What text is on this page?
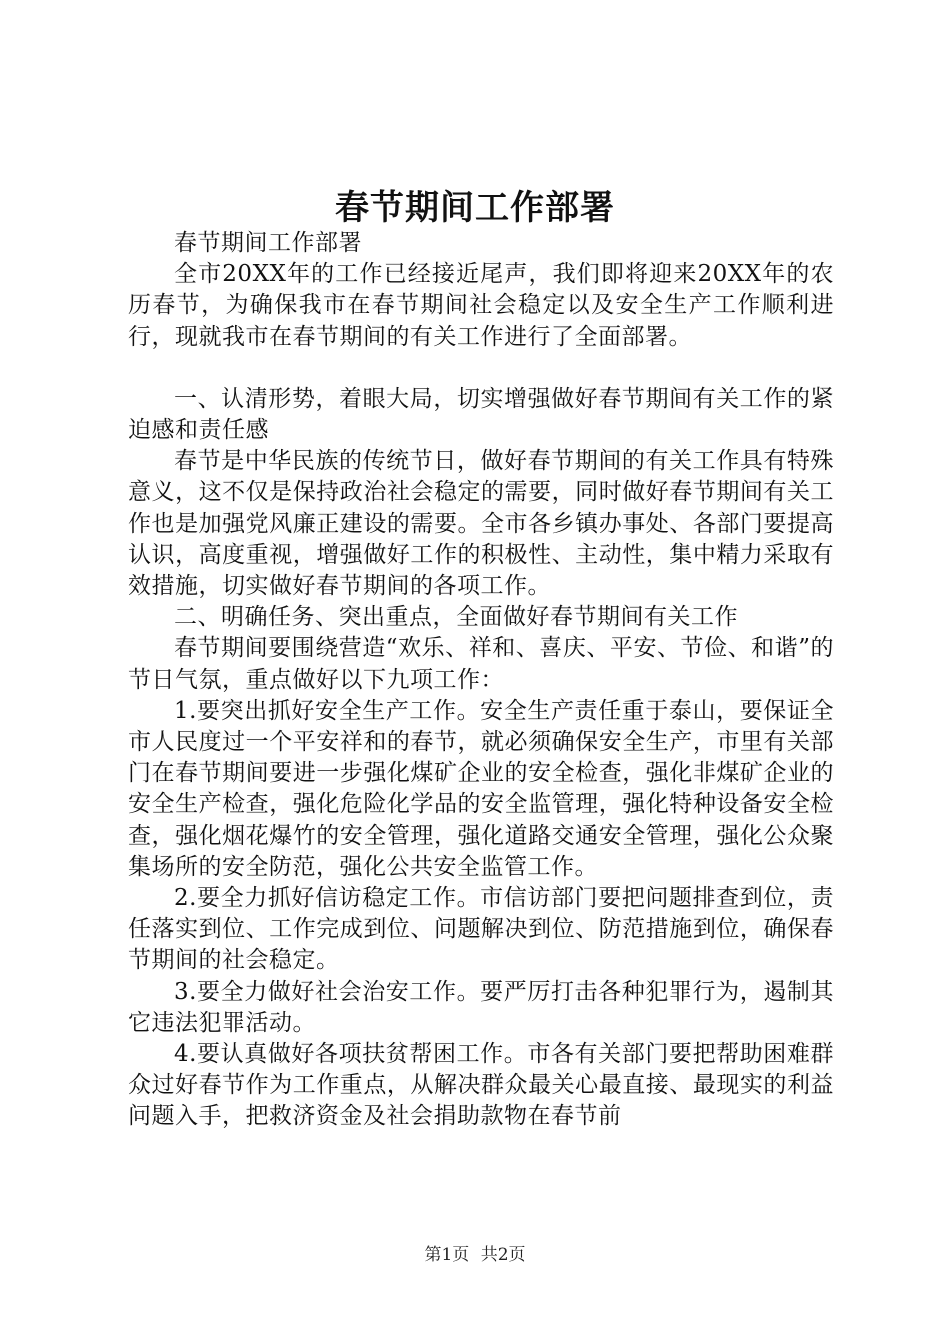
春节期间工作部署

春节期间工作部署

全市20XX年的工作已经接近尾声，我们即将迎来20XX年的农历春节，为确保我市在春节期间社会稳定以及安全生产工作顺利进行，现就我市在春节期间的有关工作进行了全面部署。

一、认清形势，着眼大局，切实增强做好春节期间有关工作的紧迫感和责任感

春节是中华民族的传统节日，做好春节期间的有关工作具有特殊意义，这不仅是保持政治社会稳定的需要，同时做好春节期间有关工作也是加强党风廉正建设的需要。全市各乡镇办事处、各部门要提高认识，高度重视，增强做好工作的积极性、主动性，集中精力采取有效措施，切实做好春节期间的各项工作。

二、明确任务、突出重点，全面做好春节期间有关工作

春节期间要围绕营造“欢乐、祥和、喜庆、平安、节俭、和谐”的节日气氛，重点做好以下九项工作：

1.要突出抓好安全生产工作。安全生产责任重于泰山，要保证全市人民度过一个平安祥和的春节，就必须确保安全生产，市里有关部门在春节期间要进一步强化煤矿企业的安全检查，强化非煤矿企业的安全生产检查，强化危险化学品的安全监管理，强化特种设备安全检查，强化烟花爆竹的安全管理，强化道路交通安全管理，强化公众聚集场所的安全防范，强化公共安全监管工作。

2.要全力抓好信访稳定工作。市信访部门要把问题排查到位，责任落实到位、工作完成到位、问题解决到位、防范措施到位，确保春节期间的社会稳定。

3.要全力做好社会治安工作。要严厉打击各种犯罪行为，遏制其它违法犯罪活动。

4.要认真做好各项扶贫帮困工作。市各有关部门要把帮助困难群众过好春节作为工作重点，从解决群众最关心最直接、最现实的利益问题入手，把救济资金及社会捐助款物在春节前

第1页 共2页
